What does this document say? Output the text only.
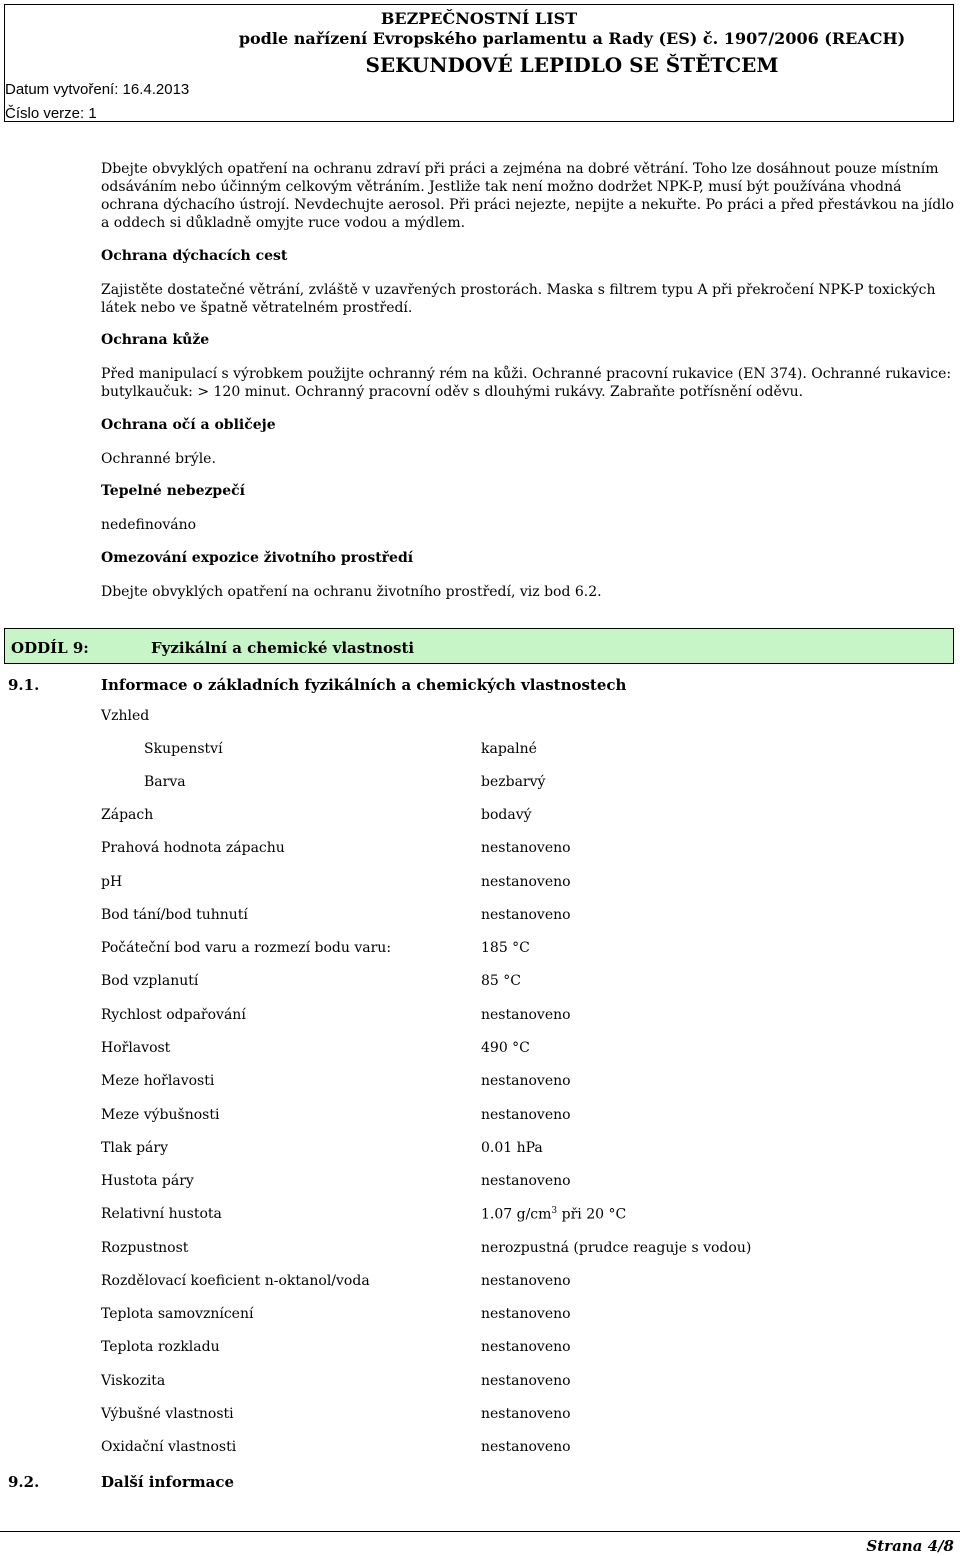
BEZPEČNOSTNÍ LIST
podle nařízení Evropského parlamentu a Rady (ES) č. 1907/2006 (REACH)
SEKUNDOVÉ LEPIDLO SE ŠTĚTCEM
Datum vytvoření: 16.4.2013
Číslo verze: 1
Dbejte obvyklých opatření na ochranu zdraví při práci a zejména na dobré větrání. Toho lze dosáhnout pouze místním odsáváním nebo účinným celkovým větráním. Jestliže tak není možno dodržet NPK-P, musí být používána vhodná ochrana dýchacího ústrojí. Nevdechujte aerosol. Při práci nejezte, nepijte a nekuřte. Po práci a před přestávkou na jídlo a oddech si důkladně omyjte ruce vodou a mýdlem.
Ochrana dýchacích cest
Zajistěte dostatečné větrání, zvláště v uzavřených prostorách. Maska s filtrem typu A při překročení NPK-P toxických látek nebo ve špatně větratelném prostředí.
Ochrana kůže
Před manipulací s výrobkem použijte ochranný rém na kůži. Ochranné pracovní rukavice (EN 374). Ochranné rukavice: butylkaučuk: > 120 minut. Ochranný pracovní oděv s dlouhými rukávy. Zabraňte potřísnění oděvu.
Ochrana očí a obličeje
Ochranné brýle.
Tepelné nebezpečí
nedefinováno
Omezování expozice životního prostředí
Dbejte obvyklých opatření na ochranu životního prostředí, viz bod 6.2.
ODDÍL 9:	Fyzikální a chemické vlastnosti
9.1.	Informace o základních fyzikálních a chemických vlastnostech
Vzhled
Skupenství	kapalné
Barva	bezbarvý
Zápach	bodavý
Prahová hodnota zápachu	nestanoveno
pH	nestanoveno
Bod tání/bod tuhnutí	nestanoveno
Počáteční bod varu a rozmezí bodu varu:	185 °C
Bod vzplanutí	85 °C
Rychlost odpařování	nestanoveno
Hořlavost	490 °C
Meze hořlavosti	nestanoveno
Meze výbušnosti	nestanoveno
Tlak páry	0.01 hPa
Hustota páry	nestanoveno
Relativní hustota	1.07 $g/cm^3$ při 20 °C
Rozpustnost	nerozpustná (prudce reaguje s vodou)
Rozdělovací koeficient n-oktanol/voda	nestanoveno
Teplota samovznícení	nestanoveno
Teplota rozkladu	nestanoveno
Viskozita	nestanoveno
Výbušné vlastnosti	nestanoveno
Oxidační vlastnosti	nestanoveno
9.2.	Další informace
Strana 4/8
